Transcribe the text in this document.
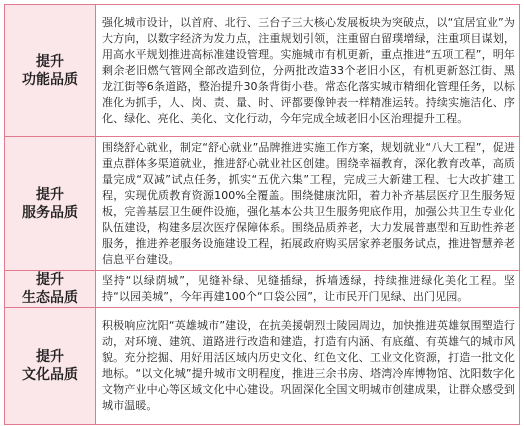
提升
功能品质	强化城市设计，以首府、北行、三台子三大核心发展板块为突破点，以“宜居宜业”为大方向，以数字经济为发力点，注重规划引领，注重留白留璞增绿，注重项目谋划，用高水平规划推进高标准建设管理。实施城市有机更新，重点推进“五项工程”，明年剩余老旧燃气管网全部改造到位，分两批改造33个老旧小区，有机更新怒江街、黑龙江街等6条道路，整治提升30条背街小巷。常态化落实城市精细化管理任务，以标准化为抓手，人、岗、责、量、时、评都要像钟表一样精准运转。持续实施洁化、序化、绿化、亮化、美化、文化行动，今年完成全域老旧小区治理提升工程。

提升
服务品质	围绕舒心就业，制定“舒心就业”品牌推进实施工作方案，规划就业“八大工程”，促进重点群体多渠道就业，推进舒心就业社区创建。围绕幸福教育，深化教育改革，高质量完成“双减”试点任务，抓实“五优六集”工程，完成三大新建工程、七大改扩建工程，实现优质教育资源100%全覆盖。围绕健康沈阳，着力补齐基层医疗卫生服务短板，完善基层卫生硬件设施，强化基本公共卫生服务兜底作用，加强公共卫生专业化队伍建设，构建多层次医疗保障体系。围绕品质养老，大力发展普惠型和互助性养老服务，推进养老服务设施建设工程，拓展政府购买居家养老服务试点，推进智慧养老信息平台建设。

提升
生态品质	坚持“以绿荫城”，见缝补绿、见缝插绿，拆墙透绿，持续推进绿化美化工程。坚持“以园美城”，今年再建100个“口袋公园”，让市民开门见绿、出门见园。

提升
文化品质	积极响应沈阳“英雄城市”建设，在抗美援朝烈士陵园周边，加快推进英雄氛围塑造行动，对环境、建筑、道路进行改造和建造，打造有内涵、有底蕴、有英雄气的城市风貌。充分挖掘、用好用活区域内历史文化、红色文化、工业文化资源，打造一批文化地标。“以文化城”提升城市文明程度，推进三余书房、塔湾冷库博物馆、沈阳数字化文物产业中心等区域文化中心建设。巩固深化全国文明城市创建成果，让群众感受到城市温暖。
